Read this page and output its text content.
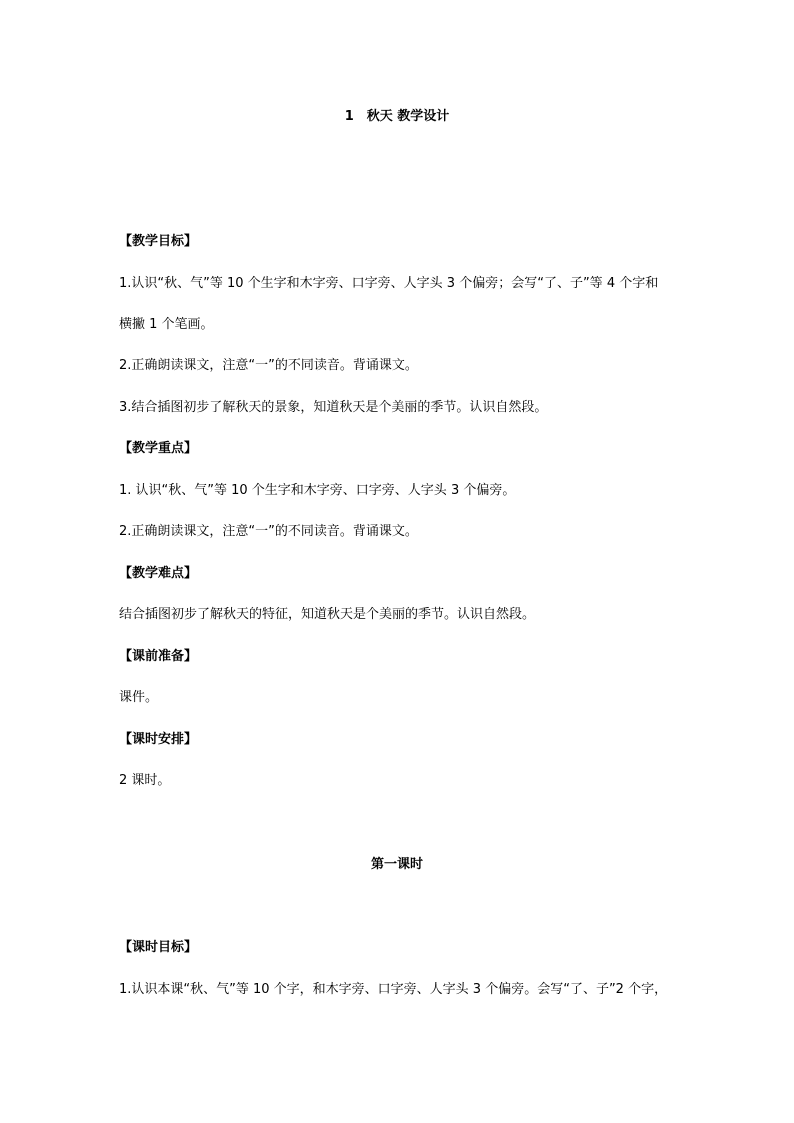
1　秋天 教学设计
【教学目标】
1.认识“秋、气”等 10 个生字和木字旁、口字旁、人字头 3 个偏旁；会写“了、子”等 4 个字和
横撇 1 个笔画。
2.正确朗读课文，注意“一”的不同读音。背诵课文。
3.结合插图初步了解秋天的景象，知道秋天是个美丽的季节。认识自然段。
【教学重点】
1. 认识“秋、气”等 10 个生字和木字旁、口字旁、人字头 3 个偏旁。
2.正确朗读课文，注意“一”的不同读音。背诵课文。
【教学难点】
结合插图初步了解秋天的特征，知道秋天是个美丽的季节。认识自然段。
【课前准备】
课件。
【课时安排】
2 课时。
第一课时
【课时目标】
1.认识本课“秋、气”等 10 个字，和木字旁、口字旁、人字头 3 个偏旁。会写“了、子”2 个字，
